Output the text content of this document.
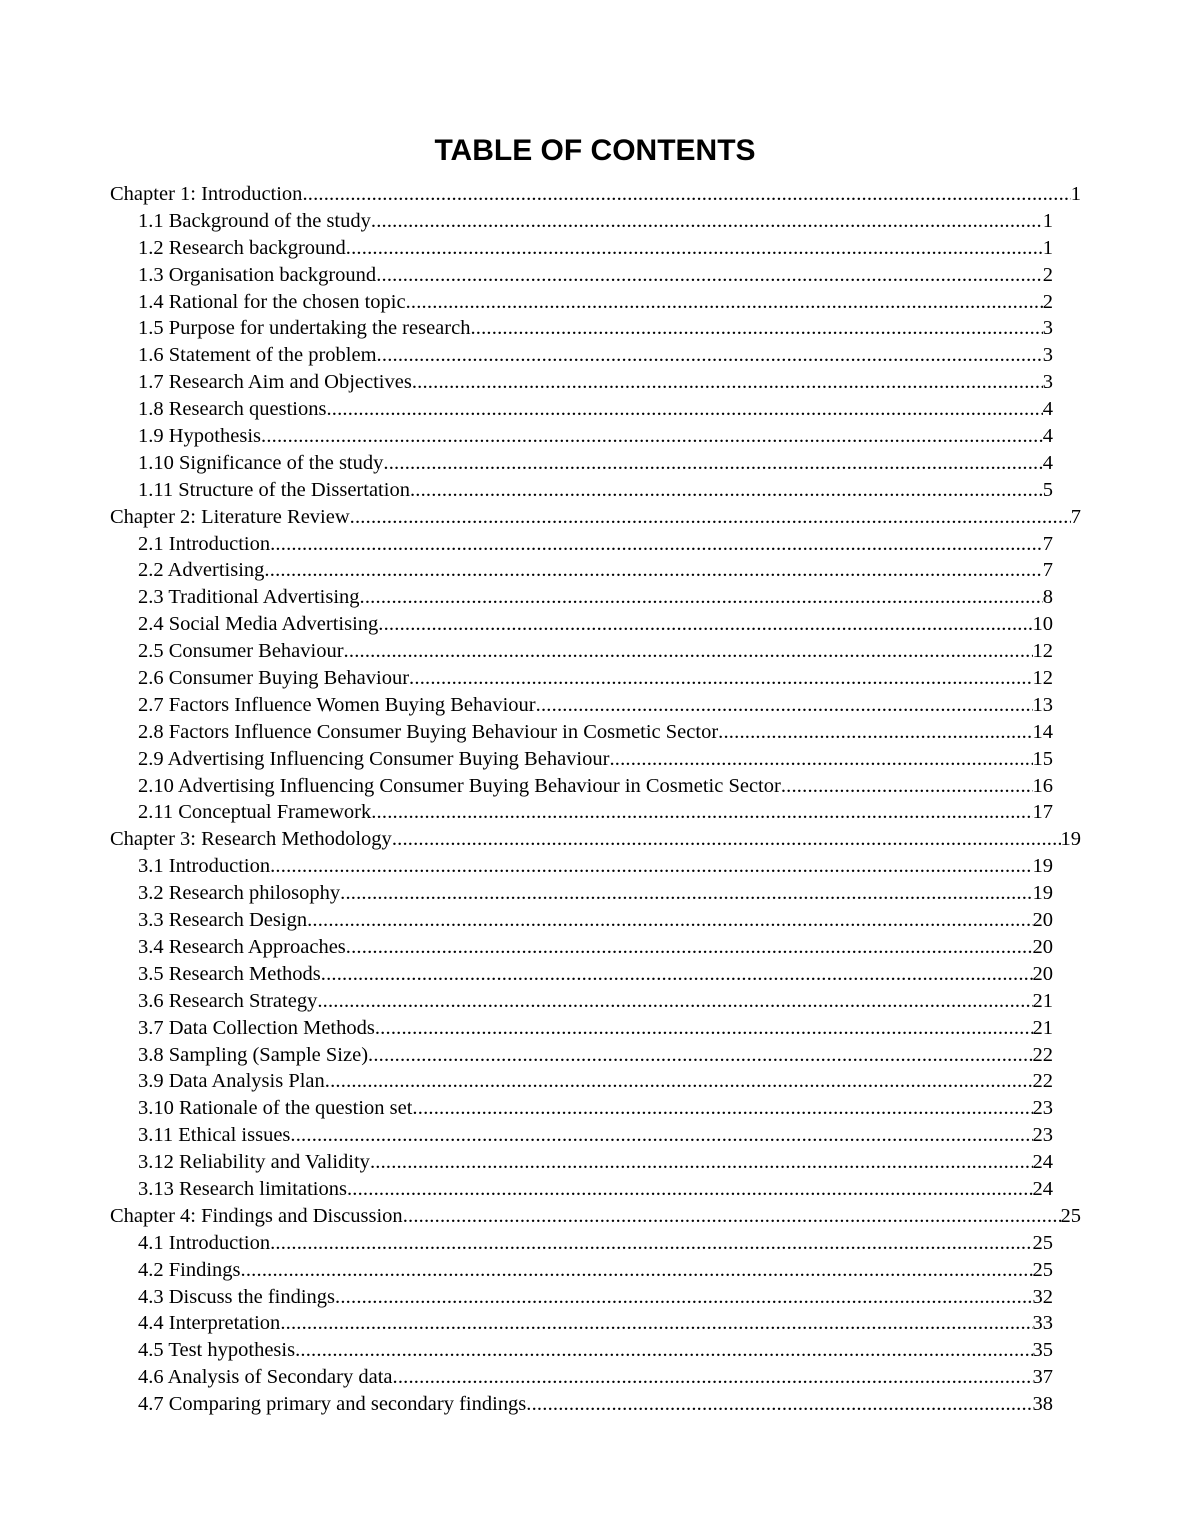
TABLE OF CONTENTS
Chapter 1: Introduction .....	1
1.1 Background of the study .....	1
1.2 Research background .....	1
1.3 Organisation background .....	2
1.4 Rational for the chosen topic .....	2
1.5 Purpose for undertaking the research .....	3
1.6 Statement of the problem .....	3
1.7 Research Aim and Objectives .....	3
1.8 Research questions .....	4
1.9 Hypothesis .....	4
1.10 Significance of the study .....	4
1.11 Structure of the Dissertation .....	5
Chapter 2: Literature Review .....	7
2.1 Introduction .....	7
2.2 Advertising .....	7
2.3 Traditional Advertising .....	8
2.4 Social Media Advertising .....	10
2.5 Consumer Behaviour .....	12
2.6 Consumer Buying Behaviour .....	12
2.7 Factors Influence Women Buying Behaviour .....	13
2.8 Factors Influence Consumer Buying Behaviour in Cosmetic Sector .....	14
2.9 Advertising Influencing Consumer Buying Behaviour .....	15
2.10 Advertising Influencing Consumer Buying Behaviour in Cosmetic Sector .....	16
2.11 Conceptual Framework .....	17
Chapter 3: Research Methodology .....	19
3.1 Introduction .....	19
3.2 Research philosophy .....	19
3.3 Research Design .....	20
3.4 Research Approaches .....	20
3.5 Research Methods .....	20
3.6 Research Strategy .....	21
3.7 Data Collection Methods .....	21
3.8 Sampling (Sample Size) .....	22
3.9 Data Analysis Plan .....	22
3.10 Rationale of the question set .....	23
3.11 Ethical issues .....	23
3.12 Reliability and Validity .....	24
3.13 Research limitations .....	24
Chapter 4: Findings and Discussion .....	25
4.1 Introduction .....	25
4.2 Findings .....	25
4.3 Discuss the findings .....	32
4.4 Interpretation .....	33
4.5 Test hypothesis .....	35
4.6 Analysis of Secondary data .....	37
4.7 Comparing primary and secondary findings .....	38
